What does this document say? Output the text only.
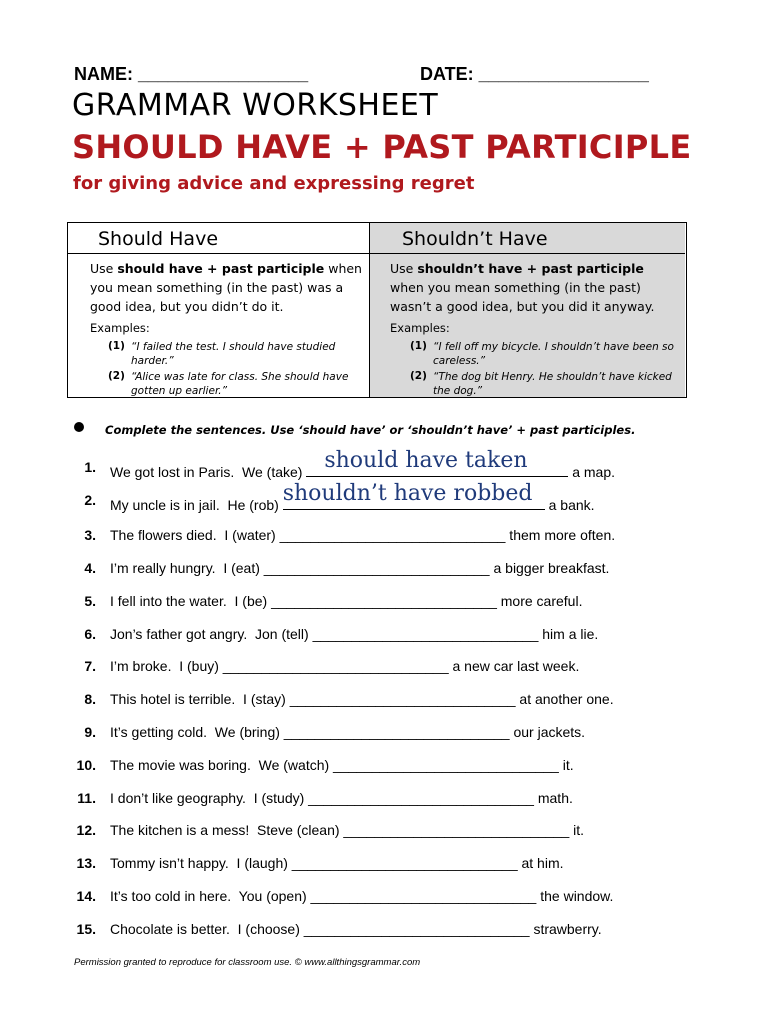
NAME: _________________	DATE: _________________
GRAMMAR WORKSHEET
SHOULD HAVE + PAST PARTICIPLE
for giving advice and expressing regret
Should Have
Use should have + past participle when you mean something (in the past) was a good idea, but you didn’t do it.
Examples:
(1) “I failed the test. I should have studied harder.”
(2) “Alice was late for class. She should have gotten up earlier.”
Shouldn’t Have
Use shouldn’t have + past participle when you mean something (in the past) wasn’t a good idea, but you did it anyway.
Examples:
(1) “I fell off my bicycle. I shouldn’t have been so careless.”
(2) “The dog bit Henry. He shouldn’t have kicked the dog.”
Complete the sentences. Use ‘should have’ or ‘shouldn’t have’ + past participles.
1. We got lost in Paris.  We (take) should have taken	a map.
2. My uncle is in jail.  He (rob) shouldn’t have robbed a bank.
3. The flowers died.  I (water) _____________________________ them more often.
4. I’m really hungry.  I (eat) _____________________________ a bigger breakfast.
5. I fell into the water.  I (be) _____________________________ more careful.
6. Jon’s father got angry.  Jon (tell) _____________________________ him a lie.
7. I’m broke.  I (buy) _____________________________ a new car last week.
8. This hotel is terrible.  I (stay) _____________________________ at another one.
9. It’s getting cold.  We (bring) _____________________________ our jackets.
10. The movie was boring.  We (watch) _____________________________ it.
11. I don’t like geography.  I (study) _____________________________ math.
12. The kitchen is a mess!  Steve (clean) _____________________________ it.
13. Tommy isn’t happy.  I (laugh) _____________________________ at him.
14. It’s too cold in here.  You (open) _____________________________ the window.
15. Chocolate is better.  I (choose) _____________________________ strawberry.
Permission granted to reproduce for classroom use. © www.allthingsgrammar.com
